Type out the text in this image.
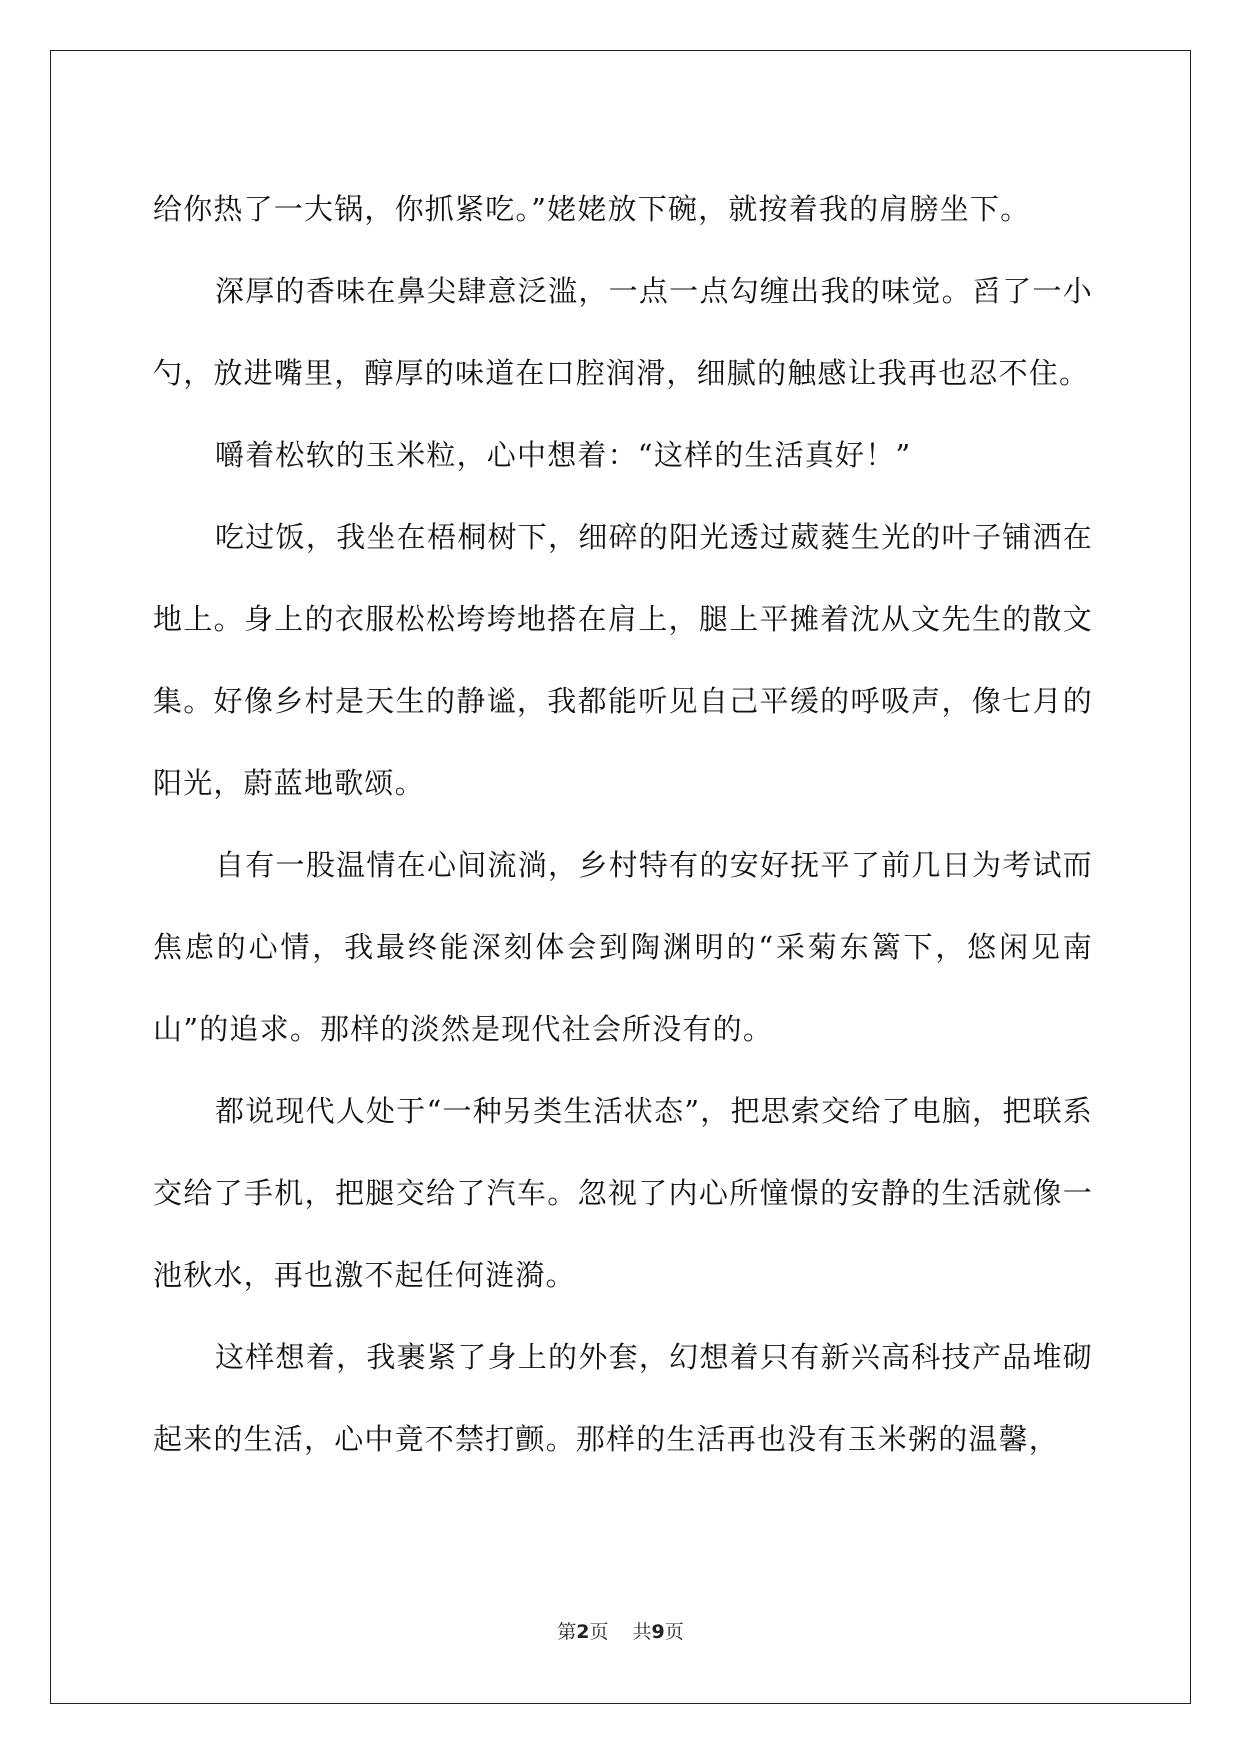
给你热了一大锅，你抓紧吃。”姥姥放下碗，就按着我的肩膀坐下。

深厚的香味在鼻尖肆意泛滥，一点一点勾缠出我的味觉。舀了一小勺，放进嘴里，醇厚的味道在口腔润滑，细腻的触感让我再也忍不住。

嚼着松软的玉米粒，心中想着：“这样的生活真好！”

吃过饭，我坐在梧桐树下，细碎的阳光透过葳蕤生光的叶子铺洒在地上。身上的衣服松松垮垮地搭在肩上，腿上平摊着沈从文先生的散文集。好像乡村是天生的静谧，我都能听见自己平缓的呼吸声，像七月的阳光，蔚蓝地歌颂。

自有一股温情在心间流淌，乡村特有的安好抚平了前几日为考试而焦虑的心情，我最终能深刻体会到陶渊明的“采菊东篱下，悠闲见南山”的追求。那样的淡然是现代社会所没有的。

都说现代人处于“一种另类生活状态”，把思索交给了电脑，把联系交给了手机，把腿交给了汽车。忽视了内心所憧憬的安静的生活就像一池秋水，再也激不起任何涟漪。

这样想着，我裹紧了身上的外套，幻想着只有新兴高科技产品堆砌起来的生活，心中竟不禁打颤。那样的生活再也没有玉米粥的温馨，

第2页 共9页
